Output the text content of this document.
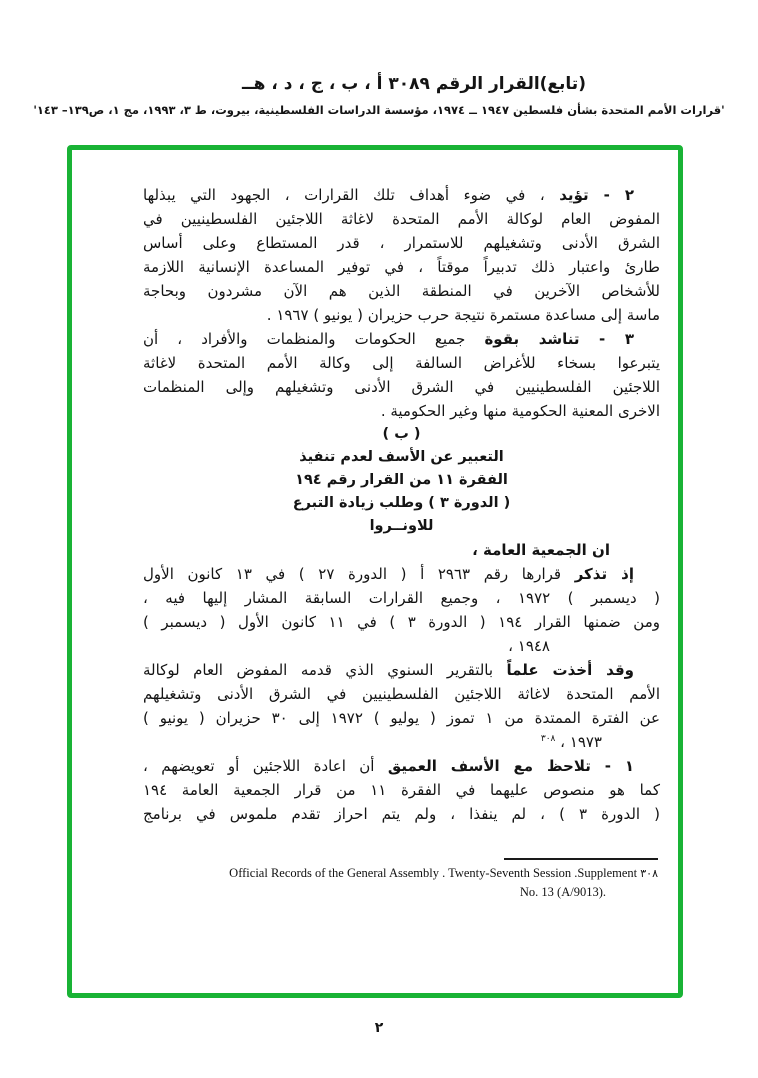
(تابع)القرار الرقم ٣٠٨٩ أ ، ب ، ج ، د ، هــ
'قرارات الأمم المتحدة بشأن فلسطين ١٩٤٧ ــ ١٩٧٤، مؤسسة الدراسات الفلسطينية، بيروت، ط ٣، ١٩٩٣، مج ١، ص١٣٩– ١٤٣'
٢ - تؤيد ، في ضوء أهداف تلك القرارات ، الجهود التي يبذلها
المفوض العام لوكالة الأمم المتحدة لاغاثة اللاجئين الفلسطينيين في
الشرق الأدنى وتشغيلهم للاستمرار ، قدر المستطاع وعلى أساس
طارئ واعتبار ذلك تدبيراً موقتاً ، في توفير المساعدة الإنسانية اللازمة
للأشخاص الآخرين في المنطقة الذين هم الآن مشردون وبحاجة
ماسة إلى مساعدة مستمرة نتيجة حرب حزيران ( يونيو ) ١٩٦٧ .
٣ - تناشد بقوة جميع الحكومات والمنظمات والأفراد ، أن
يتبرعوا بسخاء للأغراض السالفة إلى وكالة الأمم المتحدة لاغاثة
اللاجئين الفلسطينيين في الشرق الأدنى وتشغيلهم وإلى المنظمات
الاخرى المعنية الحكومية منها وغير الحكومية .
( ب )
التعبير عن الأسف لعدم تنفيذ
الفقرة ١١ من القرار رقم ١٩٤
( الدورة ٣ ) وطلب زيادة التبرع
للاونــروا
ان الجمعية العامة ،
إذ تذكر قرارها رقم ٢٩٦٣ أ ( الدورة ٢٧ ) في ١٣ كانون الأول
( ديسمبر ) ١٩٧٢ ، وجميع القرارات السابقة المشار إليها فيه ،
ومن ضمنها القرار ١٩٤ ( الدورة ٣ ) في ١١ كانون الأول ( ديسمبر )
١٩٤٨ ،
وقد أخذت علماً بالتقرير السنوي الذي قدمه المفوض العام لوكالة
الأمم المتحدة لاغاثة اللاجئين الفلسطينيين في الشرق الأدنى وتشغيلهم
عن الفترة الممتدة من ١ تموز ( يوليو ) ١٩٧٢ إلى ٣٠ حزيران ( يونيو )
١٩٧٣ ، $^{٣٠٨}$
١ - تلاحظ مع الأسف العميق أن اعادة اللاجئين أو تعويضهم ،
كما هو منصوص عليهما في الفقرة ١١ من قرار الجمعية العامة ١٩٤
( الدورة ٣ ) ، لم ينفذا ، ولم يتم احراز تقدم ملموس في برنامج
Official Records of the General Assembly . Twenty-Seventh Session .Supplement ٣٠٨
No. 13 (A/9013).
٢
